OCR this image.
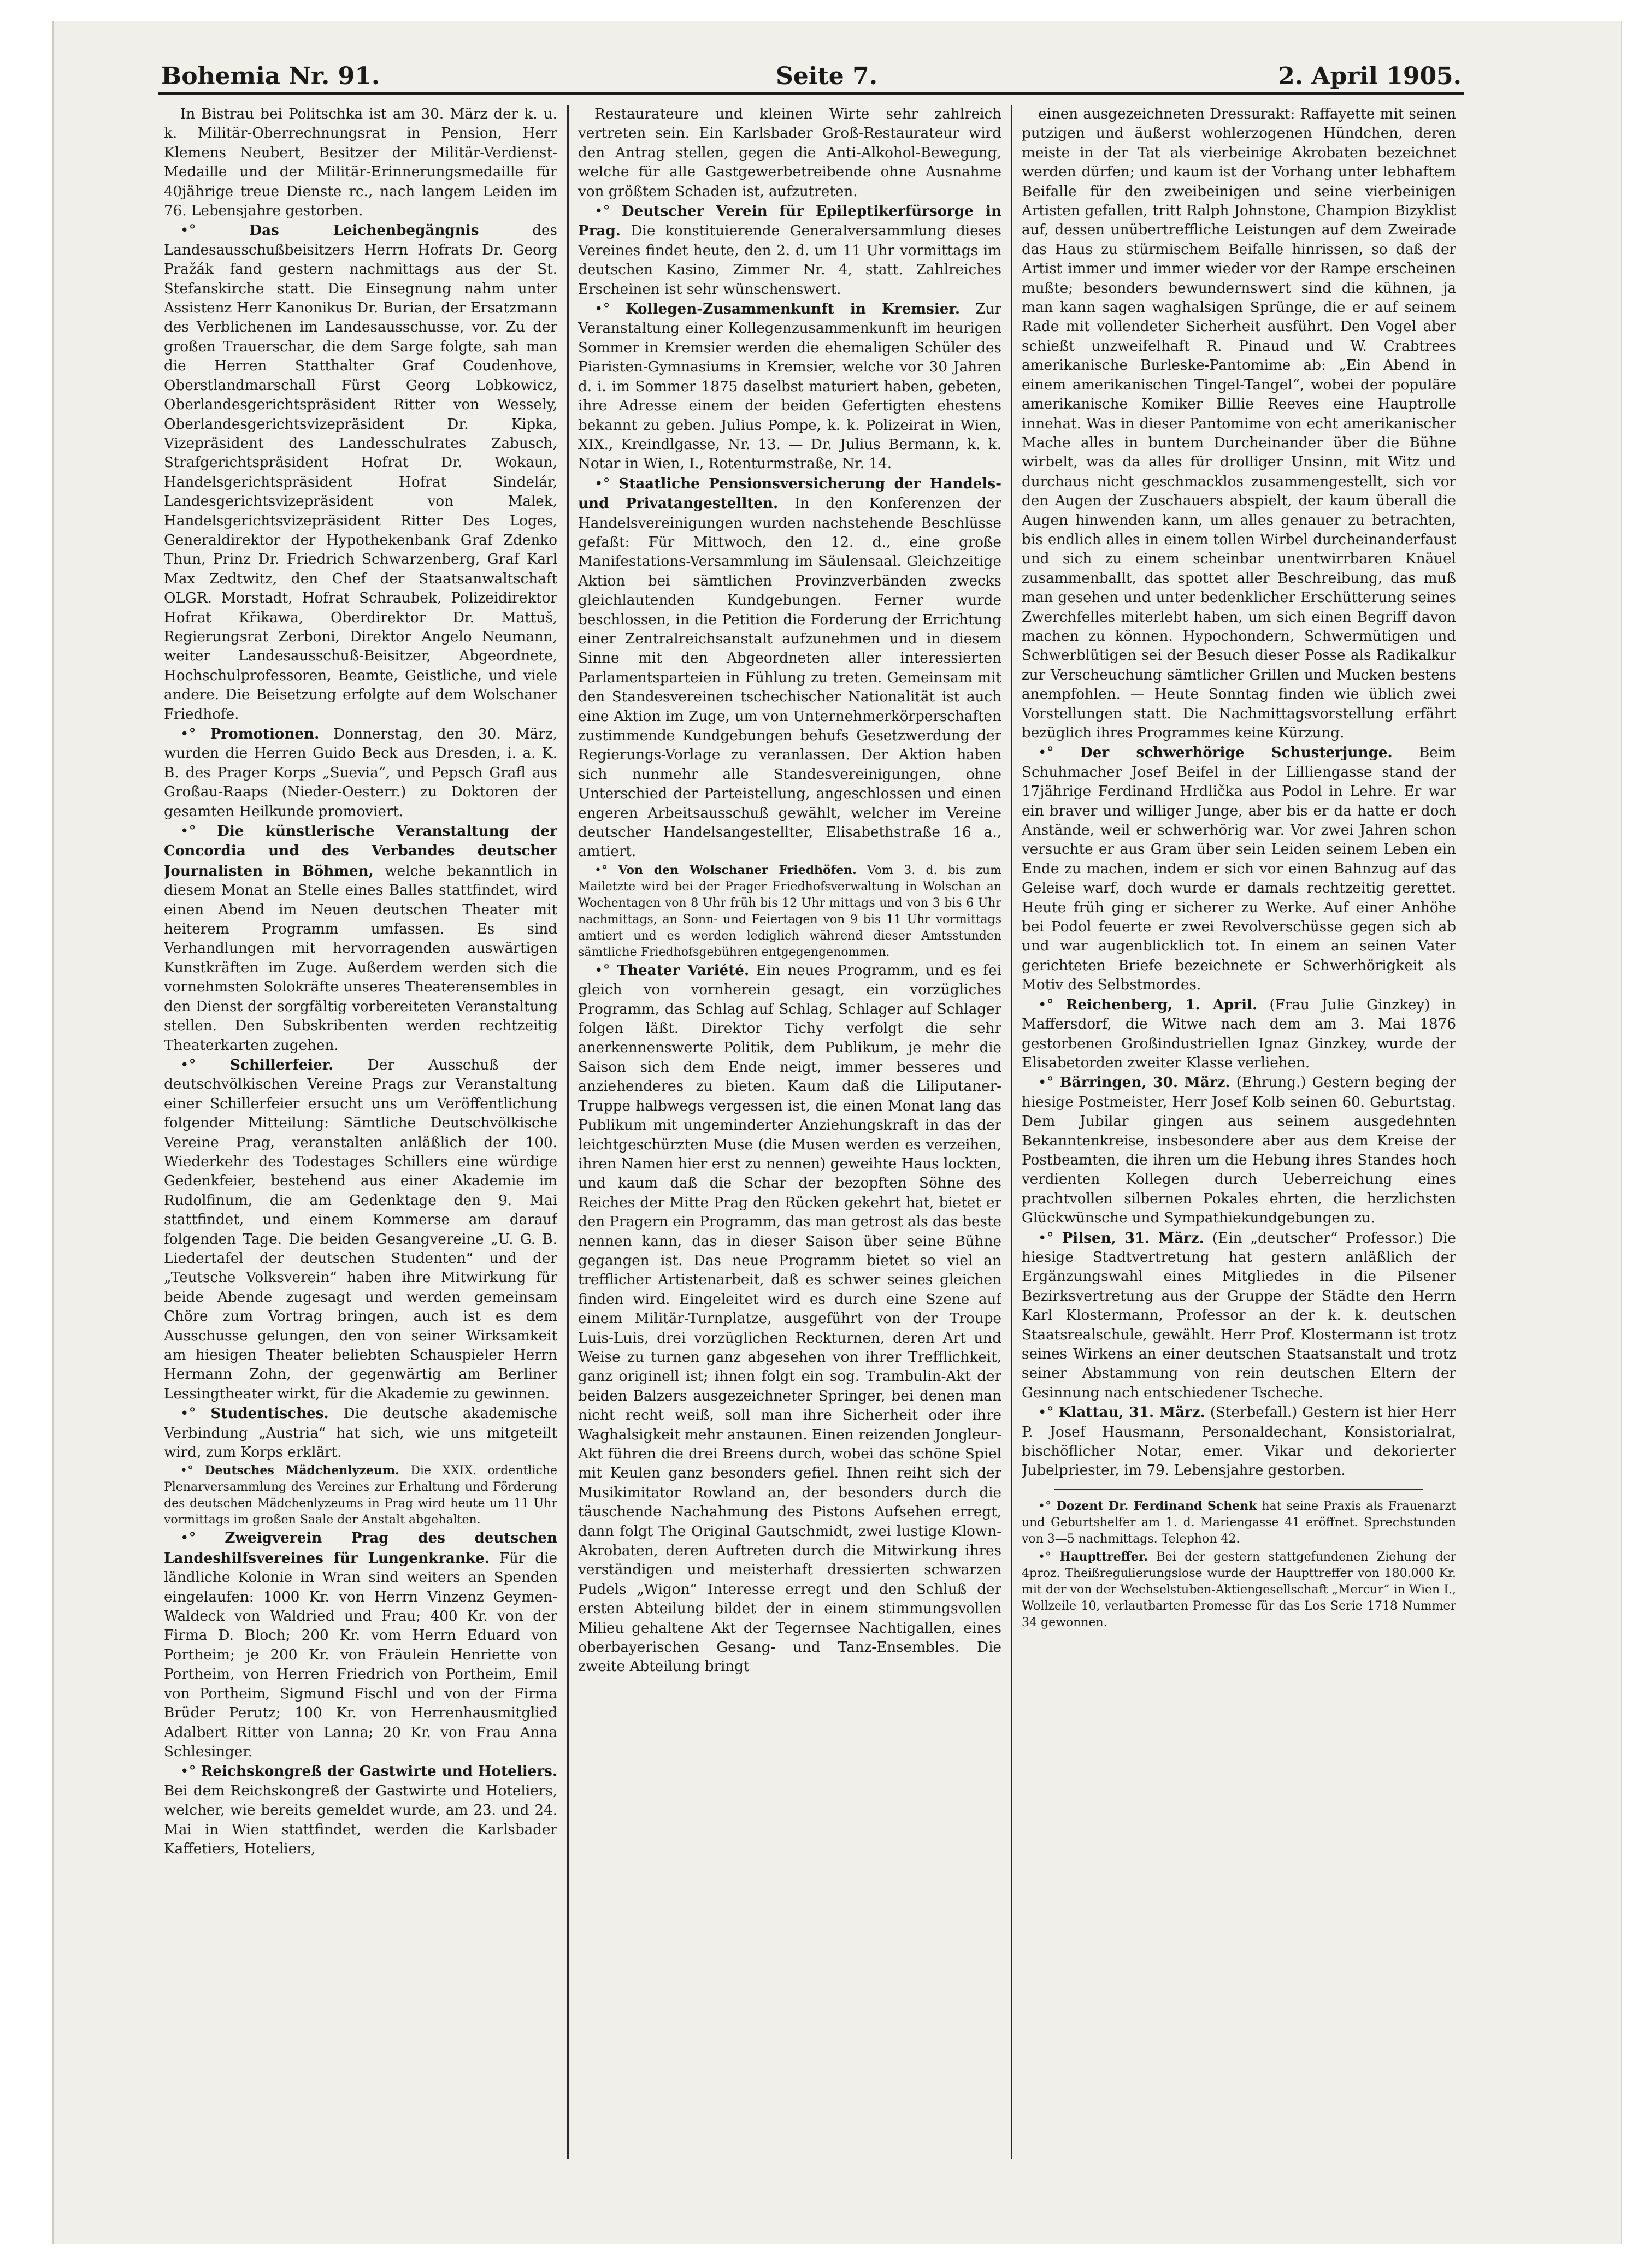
Bohemia Nr. 91.	Seite 7.	2. April 1905.

In Bistrau bei Politschka ist am 30. März der k. u. k. Militär-Oberrechnungsrat in Pension, Herr Klemens Neubert, Besitzer der Militär-Verdienst-Medaille und der Militär-Erinnerungsmedaille für 40jährige treue Dienste rc., nach langem Leiden im 76. Lebensjahre gestorben.

•° Das Leichenbegängnis	des Landesausschußbeisitzers Herrn Hofrats Dr. Georg Pražák fand gestern nachmittags aus der St. Stefanskirche statt. Die Einsegnung nahm unter Assistenz Herr Kanonikus Dr. Burian, der Ersatzmann des Verblichenen im Landesausschusse, vor. Zu der großen Trauerschar, die dem Sarge folgte, sah man die Herren Statthalter Graf Coudenhove, Oberstlandmarschall Fürst Georg Lobkowicz, Oberlandesgerichtspräsident Ritter von Wessely, Oberlandesgerichtsvizepräsident Dr. Kipka, Vizepräsident des Landesschulrates Zabusch, Strafgerichtspräsident Hofrat Dr. Wokaun, Handelsgerichtspräsident Hofrat Sindelár, Landesgerichtsvizepräsident von Malek, Handelsgerichtsvizepräsident Ritter Des Loges, Generaldirektor der Hypothekenbank Graf Zdenko Thun, Prinz Dr. Friedrich Schwarzenberg, Graf Karl Max Zedtwitz, den Chef der Staatsanwaltschaft OLGR. Morstadt, Hofrat Schraubek, Polizeidirektor Hofrat Křikawa, Oberdirektor Dr. Mattuš, Regierungsrat Zerboni, Direktor Angelo Neumann, weiter Landesausschuß-Beisitzer, Abgeordnete, Hochschulprofessoren, Beamte, Geistliche, und viele andere. Die Beisetzung erfolgte auf dem Wolschaner Friedhofe.

•° Promotionen. Donnerstag, den 30. März, wurden die Herren Guido Beck aus Dresden, i. a. K. B. des Prager Korps „Suevia“, und Pepsch Grafl aus Großau-Raaps (Nieder-Oesterr.) zu Doktoren der gesamten Heilkunde promoviert.

•° Die künstlerische Veranstaltung der Concordia und des Verbandes deutscher Journalisten in Böhmen, welche bekanntlich in diesem Monat an Stelle eines Balles stattfindet, wird einen Abend im Neuen deutschen Theater mit heiterem Programm umfassen. Es sind Verhandlungen mit hervorragenden auswärtigen Kunstkräften im Zuge. Außerdem werden sich die vornehmsten Solokräfte unseres Theaterensembles in den Dienst der sorgfältig vorbereiteten Veranstaltung stellen. Den Subskribenten werden rechtzeitig Theaterkarten zugehen.

•° Schillerfeier. Der Ausschuß der deutschvölkischen Vereine Prags zur Veranstaltung einer Schillerfeier ersucht uns um Veröffentlichung folgender Mitteilung: Sämtliche Deutschvölkische Vereine Prag, veranstalten anläßlich der 100. Wiederkehr des Todestages Schillers eine würdige Gedenkfeier, bestehend aus einer Akademie im Rudolfinum, die am Gedenktage den 9. Mai stattfindet, und einem Kommerse am darauf folgenden Tage. Die beiden Gesangvereine „U. G. B. Liedertafel der deutschen Studenten“ und der „Teutsche Volksverein“ haben ihre Mitwirkung für beide Abende zugesagt und werden gemeinsam Chöre zum Vortrag bringen, auch ist es dem Ausschusse gelungen, den von seiner Wirksamkeit am hiesigen Theater beliebten Schauspieler Herrn Hermann Zohn, der gegenwärtig am Berliner Lessingtheater wirkt, für die Akademie zu gewinnen.

•° Studentisches. Die deutsche akademische Verbindung „Austria“ hat sich, wie uns mitgeteilt wird, zum Korps erklärt.

•° Deutsches Mädchenlyzeum. Die XXIX. ordentliche Plenarversammlung des Vereines zur Erhaltung und Förderung des deutschen Mädchenlyzeums in Prag wird heute um 11 Uhr vormittags im großen Saale der Anstalt abgehalten.

•° Zweigverein Prag des deutschen Landeshilfsvereines für Lungenkranke. Für die ländliche Kolonie in Wran sind weiters an Spenden eingelaufen: 1000 Kr. von Herrn Vinzenz Geymen-Waldeck von Waldried und Frau; 400 Kr. von der Firma D. Bloch; 200 Kr. vom Herrn Eduard von Portheim; je 200 Kr. von Fräulein Henriette von Portheim, von Herren Friedrich von Portheim, Emil von Portheim, Sigmund Fischl und von der Firma Brüder Perutz; 100 Kr. von Herrenhausmitglied Adalbert Ritter von Lanna; 20 Kr. von Frau Anna Schlesinger.

•° Reichskongreß der Gastwirte und Hoteliers. Bei dem Reichskongreß der Gastwirte und Hoteliers, welcher, wie bereits gemeldet wurde, am 23. und 24. Mai in Wien stattfindet, werden die Karlsbader Kaffetiers, Hoteliers,

Restaurateure und kleinen Wirte sehr zahlreich vertreten sein. Ein Karlsbader Groß-Restaurateur wird den Antrag stellen, gegen die Anti-Alkohol-Bewegung, welche für alle Gastgewerbetreibende ohne Ausnahme von größtem Schaden ist, aufzutreten.

•° Deutscher Verein für Epileptikerfürsorge in Prag. Die konstituierende Generalversammlung dieses Vereines findet heute, den 2. d. um 11 Uhr vormittags im deutschen Kasino, Zimmer Nr. 4, statt. Zahlreiches Erscheinen ist sehr wünschenswert.

•° Kollegen-Zusammenkunft in Kremsier. Zur Veranstaltung einer Kollegenzusammenkunft im heurigen Sommer in Kremsier werden die ehemaligen Schüler des Piaristen-Gymnasiums in Kremsier, welche vor 30 Jahren d. i. im Sommer 1875 daselbst maturiert haben, gebeten, ihre Adresse einem der beiden Gefertigten ehestens bekannt zu geben. Julius Pompe, k. k. Polizeirat in Wien, XIX., Kreindlgasse, Nr. 13. — Dr. Julius Bermann, k. k. Notar in Wien, I., Rotenturmstraße, Nr. 14.

•° Staatliche Pensionsversicherung der Handels- und Privatangestellten. In den Konferenzen der Handelsvereinigungen wurden nachstehende Beschlüsse gefaßt: Für Mittwoch, den 12. d., eine große Manifestations-Versammlung im Säulensaal. Gleichzeitige Aktion bei sämtlichen Provinzverbänden zwecks gleichlautenden Kundgebungen. Ferner wurde beschlossen, in die Petition die Forderung der Errichtung einer Zentralreichsanstalt aufzunehmen und in diesem Sinne mit den Abgeordneten aller interessierten Parlamentsparteien in Fühlung zu treten. Gemeinsam mit den Standesvereinen tschechischer Nationalität ist auch eine Aktion im Zuge, um von Unternehmerkörperschaften zustimmende Kundgebungen behufs Gesetzwerdung der Regierungs-Vorlage zu veranlassen. Der Aktion haben sich nunmehr alle Standesvereinigungen, ohne Unterschied der Parteistellung, angeschlossen und einen engeren Arbeitsausschuß gewählt, welcher im Vereine deutscher Handelsangestellter, Elisabethstraße 16 a., amtiert.

•° Von den Wolschaner Friedhöfen. Vom 3. d. bis zum Mailetzte wird bei der Prager Friedhofsverwaltung in Wolschan an Wochentagen von 8 Uhr früh bis 12 Uhr mittags und von 3 bis 6 Uhr nachmittags, an Sonn- und Feiertagen von 9 bis 11 Uhr vormittags amtiert und es werden lediglich während dieser Amtsstunden sämtliche Friedhofsgebühren entgegengenommen.

•° Theater Variété. Ein neues Programm, und es fei gleich von vornherein gesagt, ein vorzügliches Programm, das Schlag auf Schlag, Schlager auf Schlager folgen läßt. Direktor Tichy verfolgt die sehr anerkennenswerte Politik, dem Publikum, je mehr die Saison sich dem Ende neigt, immer besseres und anziehenderes zu bieten. Kaum daß die Liliputaner-Truppe halbwegs vergessen ist, die einen Monat lang das Publikum mit ungeminderter Anziehungskraft in das der leichtgeschürzten Muse (die Musen werden es verzeihen, ihren Namen hier erst zu nennen) geweihte Haus lockten, und kaum daß die Schar der bezopften Söhne des Reiches der Mitte Prag den Rücken gekehrt hat, bietet er den Pragern ein Programm, das man getrost als das beste nennen kann, das in dieser Saison über seine Bühne gegangen ist. Das neue Programm bietet so viel an trefflicher Artistenarbeit, daß es schwer seines gleichen finden wird. Eingeleitet wird es durch eine Szene auf einem Militär-Turnplatze, ausgeführt von der Troupe Luis-Luis, drei vorzüglichen Reckturnen, deren Art und Weise zu turnen ganz abgesehen von ihrer Trefflichkeit, ganz originell ist; ihnen folgt ein sog. Trambulin-Akt der beiden Balzers ausgezeichneter Springer, bei denen man nicht recht weiß, soll man ihre Sicherheit oder ihre Waghalsigkeit mehr anstaunen. Einen reizenden Jongleur-Akt führen die drei Breens durch, wobei das schöne Spiel mit Keulen ganz besonders gefiel. Ihnen reiht sich der Musikimitator Rowland an, der besonders durch die täuschende Nachahmung des Pistons Aufsehen erregt, dann folgt The Original Gautschmidt, zwei lustige Klown-Akrobaten, deren Auftreten durch die Mitwirkung ihres verständigen und meisterhaft dressierten schwarzen Pudels „Wigon“ Interesse erregt und den Schluß der ersten Abteilung bildet der in einem stimmungsvollen Milieu gehaltene Akt der Tegernsee Nachtigallen, eines oberbayerischen Gesang- und Tanz-Ensembles. Die zweite Abteilung bringt

einen ausgezeichneten Dressurakt: Raffayette mit seinen putzigen und äußerst wohlerzogenen Hündchen, deren meiste in der Tat als vierbeinige Akrobaten bezeichnet werden dürfen; und kaum ist der Vorhang unter lebhaftem Beifalle für den zweibeinigen und seine vierbeinigen Artisten gefallen, tritt Ralph Johnstone, Champion Bizyklist auf, dessen unübertreffliche Leistungen auf dem Zweirade das Haus zu stürmischem Beifalle hinrissen, so daß der Artist immer und immer wieder vor der Rampe erscheinen mußte; besonders bewundernswert sind die kühnen, ja man kann sagen waghalsigen Sprünge, die er auf seinem Rade mit vollendeter Sicherheit ausführt. Den Vogel aber schießt unzweifelhaft R. Pinaud und W. Crabtrees amerikanische Burleske-Pantomime ab: „Ein Abend in einem amerikanischen Tingel-Tangel“, wobei der populäre amerikanische Komiker Billie Reeves eine Hauptrolle innehat. Was in dieser Pantomime von echt amerikanischer Mache alles in buntem Durcheinander über die Bühne wirbelt, was da alles für drolliger Unsinn, mit Witz und durchaus nicht geschmacklos zusammengestellt, sich vor den Augen der Zuschauers abspielt, der kaum überall die Augen hinwenden kann, um alles genauer zu betrachten, bis endlich alles in einem tollen Wirbel durcheinanderfaust und sich zu einem scheinbar unentwirrbaren Knäuel zusammenballt, das spottet aller Beschreibung, das muß man gesehen und unter bedenklicher Erschütterung seines Zwerchfelles miterlebt haben, um sich einen Begriff davon machen zu können. Hypochondern, Schwermütigen und Schwerblütigen sei der Besuch dieser Posse als Radikalkur zur Verscheuchung sämtlicher Grillen und Mucken bestens anempfohlen. — Heute Sonntag finden wie üblich zwei Vorstellungen statt. Die Nachmittagsvorstellung erfährt bezüglich ihres Programmes keine Kürzung.

•° Der schwerhörige Schusterjunge. Beim Schuhmacher Josef Beifel in der Lilliengasse stand der 17jährige Ferdinand Hrdlička aus Podol in Lehre. Er war ein braver und williger Junge, aber bis er da hatte er doch Anstände, weil er schwerhörig war. Vor zwei Jahren schon versuchte er aus Gram über sein Leiden seinem Leben ein Ende zu machen, indem er sich vor einen Bahnzug auf das Geleise warf, doch wurde er damals rechtzeitig gerettet. Heute früh ging er sicherer zu Werke. Auf einer Anhöhe bei Podol feuerte er zwei Revolverschüsse gegen sich ab und war augenblicklich tot. In einem an seinen Vater gerichteten Briefe bezeichnete er Schwerhörigkeit als Motiv des Selbstmordes.

•° Reichenberg, 1. April. (Frau Julie Ginzkey) in Maffersdorf, die Witwe nach dem am 3. Mai 1876 gestorbenen Großindustriellen Ignaz Ginzkey, wurde der Elisabetorden zweiter Klasse verliehen.

•° Bärringen, 30. März. (Ehrung.) Gestern beging der hiesige Postmeister, Herr Josef Kolb seinen 60. Geburtstag. Dem Jubilar gingen aus seinem ausgedehnten Bekanntenkreise, insbesondere aber aus dem Kreise der Postbeamten, die ihren um die Hebung ihres Standes hoch verdienten Kollegen durch Ueberreichung eines prachtvollen silbernen Pokales ehrten, die herzlichsten Glückwünsche und Sympathiekundgebungen zu.

•° Pilsen, 31. März. (Ein „deutscher“ Professor.) Die hiesige Stadtvertretung hat gestern anläßlich der Ergänzungswahl eines Mitgliedes in die Pilsener Bezirksvertretung aus der Gruppe der Städte den Herrn Karl Klostermann, Professor an der k. k. deutschen Staatsrealschule, gewählt. Herr Prof. Klostermann ist trotz seines Wirkens an einer deutschen Staatsanstalt und trotz seiner Abstammung von rein deutschen Eltern der Gesinnung nach entschiedener Tscheche.

•° Klattau, 31. März. (Sterbefall.) Gestern ist hier Herr P. Josef Hausmann, Personaldechant, Konsistorialrat, bischöflicher Notar, emer. Vikar und dekorierter Jubelpriester, im 79. Lebensjahre gestorben.

•° Dozent Dr. Ferdinand Schenk hat seine Praxis als Frauenarzt und Geburtshelfer am 1. d. Mariengasse 41 eröffnet. Sprechstunden von 3—5 nachmittags. Telephon 42.

•° Haupttreffer. Bei der gestern stattgefundenen Ziehung der 4proz. Theißregulierungslose wurde der Haupttreffer von 180.000 Kr. mit der von der Wechselstuben-Aktiengesellschaft „Mercur“ in Wien I., Wollzeile 10, verlautbarten Promesse für das Los Serie 1718 Nummer 34 gewonnen.
